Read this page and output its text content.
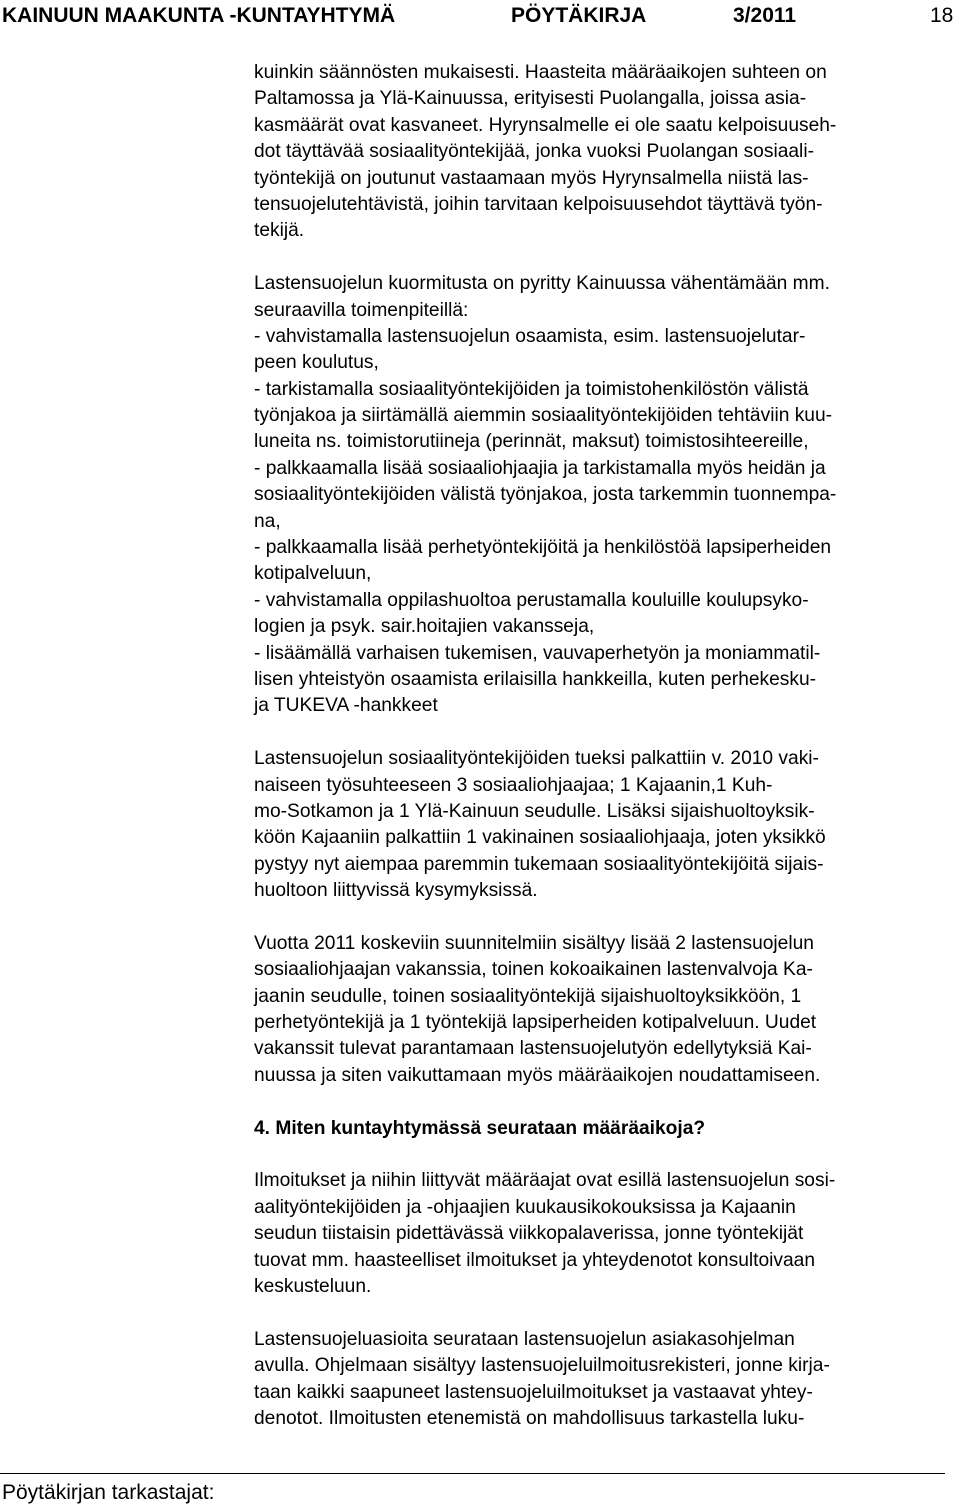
KAINUUN MAAKUNTA -KUNTAYHTYMÄ	PÖYTÄKIRJA	3/2011	18
kuinkin säännösten mukaisesti. Haasteita määräaikojen suhteen on
Paltamossa ja Ylä-Kainuussa, erityisesti Puolangalla, joissa asia-
kasmäärät ovat kasvaneet. Hyrynsalmelle ei ole saatu kelpoisuuseh-
dot täyttävää sosiaalityöntekijää, jonka vuoksi Puolangan sosiaali-
työntekijä on joutunut vastaamaan myös Hyrynsalmella niistä las-
tensuojelutehtävistä, joihin tarvitaan kelpoisuusehdot täyttävä työn-
tekijä.
Lastensuojelun kuormitusta on pyritty Kainuussa vähentämään mm.
seuraavilla toimenpiteillä:
- vahvistamalla lastensuojelun osaamista, esim. lastensuojelutar-
peen koulutus,
- tarkistamalla sosiaalityöntekijöiden ja toimistohenkilöstön välistä
työnjakoa ja siirtämällä aiemmin sosiaalityöntekijöiden tehtäviin kuu-
luneita ns. toimistorutiineja (perinnät, maksut) toimistosihteereille,
- palkkaamalla lisää sosiaaliohjaajia ja tarkistamalla myös heidän ja
sosiaalityöntekijöiden välistä työnjakoa, josta tarkemmin tuonnempa-
na,
- palkkaamalla lisää perhetyöntekijöitä ja henkilöstöä lapsiperheiden
kotipalveluun,
- vahvistamalla oppilashuoltoa perustamalla kouluille koulupsyko-
logien ja psyk. sair.hoitajien vakansseja,
- lisäämällä varhaisen tukemisen, vauvaperhetyön ja moniammatil-
lisen yhteistyön osaamista erilaisilla hankkeilla, kuten perhekesku-
ja TUKEVA -hankkeet
Lastensuojelun sosiaalityöntekijöiden tueksi palkattiin v. 2010 vaki-
naiseen työsuhteeseen 3 sosiaaliohjaajaa; 1 Kajaanin,1 Kuh-
mo-Sotkamon ja 1 Ylä-Kainuun seudulle. Lisäksi sijaishuoltoyksik-
köön Kajaaniin palkattiin 1 vakinainen sosiaaliohjaaja, joten yksikkö
pystyy nyt aiempaa paremmin tukemaan sosiaalityöntekijöitä sijais-
huoltoon liittyvissä kysymyksissä.
Vuotta 2011 koskeviin suunnitelmiin sisältyy lisää 2 lastensuojelun
sosiaaliohjaajan vakanssia, toinen kokoaikainen lastenvalvoja Ka-
jaanin seudulle, toinen sosiaalityöntekijä sijaishuoltoyksikköön, 1
perhetyöntekijä ja 1 työntekijä lapsiperheiden kotipalveluun. Uudet
vakanssit tulevat parantamaan lastensuojelutyön edellytyksiä Kai-
nuussa ja siten vaikuttamaan myös määräaikojen noudattamiseen.
4. Miten kuntayhtymässä seurataan määräaikoja?
Ilmoitukset ja niihin liittyvät määräajat ovat esillä lastensuojelun sosi-
aalityöntekijöiden ja -ohjaajien kuukausikokouksissa ja Kajaanin
seudun tiistaisin pidettävässä viikkopalaverissa, jonne työntekijät
tuovat mm. haasteelliset ilmoitukset ja yhteydenotot konsultoivaan
keskusteluun.
Lastensuojeluasioita seurataan lastensuojelun asiakasohjelman
avulla. Ohjelmaan sisältyy lastensuojeluilmoitusrekisteri, jonne kirja-
taan kaikki saapuneet lastensuojeluilmoitukset ja vastaavat yhtey-
denotot. Ilmoitusten etenemistä on mahdollisuus tarkastella luku-
Pöytäkirjan tarkastajat:
